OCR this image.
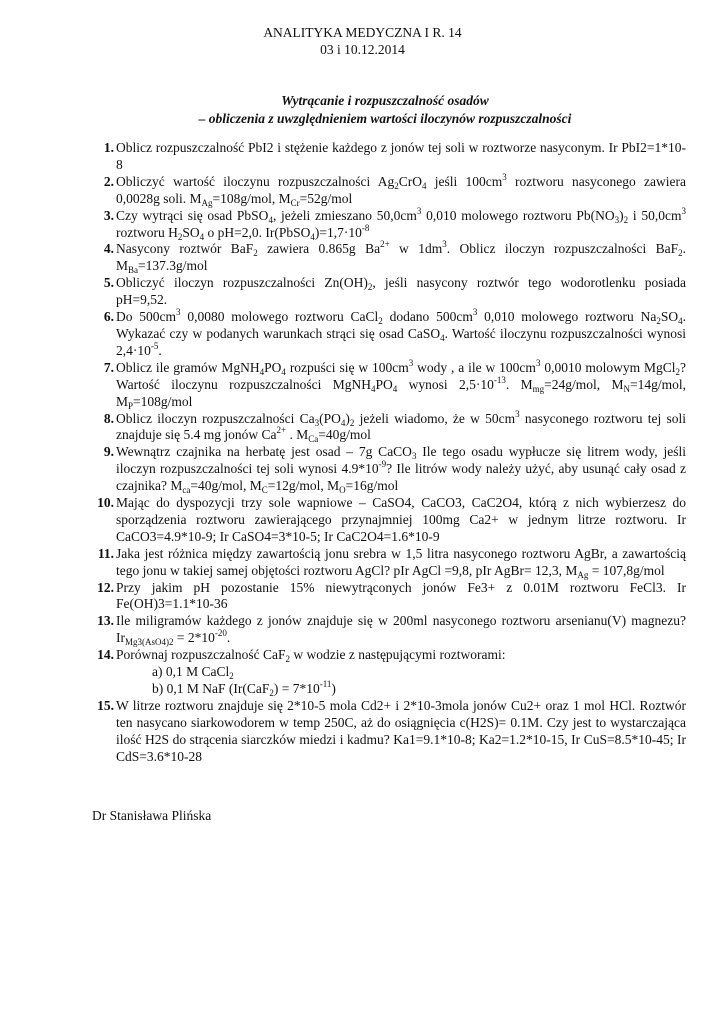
ANALITYKA MEDYCZNA I R. 14
03 i 10.12.2014
Wytrącanie i rozpuszczalność osadów
– obliczenia z uwzględnieniem wartości iloczynów rozpuszczalności
1. Oblicz rozpuszczalność PbI2 i stężenie każdego z jonów tej soli w roztworze nasyconym. Ir PbI2=1*10-8
2. Obliczyć wartość iloczynu rozpuszczalności $Ag_2CrO_4$ jeśli $100cm^3$ roztworu nasyconego zawiera 0,0028g soli. $M_{Ag}=108g$/mol, $M_{Cr}=52g$/mol
3. Czy wytrąci się osad PbSO$_4$, jeżeli zmieszano $50,0cm^3$ 0,010 molowego roztworu $Pb(NO_3)_2$ i $50,0cm^3$ roztworu $H_2SO_4$ o pH=2,0. $Ir(PbSO_4)=1,7\cdot 10^{-8}$
4. Nasycony roztwór BaF$_2$ zawiera 0.865g $Ba^{2+}$ w $1dm^3$. Oblicz iloczyn rozpuszczalności BaF$_2$. $M_{Ba}=137.3g$/mol
5. Obliczyć iloczyn rozpuszczalności $Zn(OH)_2$, jeśli nasycony roztwór tego wodorotlenku posiada pH=9,52.
6. Do $500cm^3$ 0,0080 molowego roztworu CaCl$_2$ dodano $500cm^3$ 0,010 molowego roztworu $Na_2SO_4$. Wykazać czy w podanych warunkach strąci się osad CaSO$_4$. Wartość iloczynu rozpuszczalności wynosi $2,4\cdot 10^{-5}$.
7. Oblicz ile gramów $MgNH_4PO_4$ rozpuści się w $100cm^3$ wody , a ile w $100cm^3$ 0,0010 molowym MgCl$_2$? Wartość iloczynu rozpuszczalności $MgNH_4PO_4$ wynosi $2,5\cdot 10^{-13}$. $M_{mg}=24g$/mol, $M_N=14g$/mol, $M_P=108g$/mol
8. Oblicz iloczyn rozpuszczalności $Ca_3(PO_4)_2$ jeżeli wiadomo, że w $50cm^3$ nasyconego roztworu tej soli znajduje się 5.4 mg jonów $Ca^{2+}$ . $M_{Ca}=40g$/mol
9. Wewnątrz czajnika na herbatę jest osad – 7g CaCO$_3$ Ile tego osadu wypłucze się litrem wody, jeśli iloczyn rozpuszczalności tej soli wynosi $4.9*10^{-9}$? Ile litrów wody należy użyć, aby usunąć cały osad z czajnika? $M_{ca}=40g$/mol, $M_C=12g$/mol, $M_O=16g$/mol
10. Mając do dyspozycji trzy sole wapniowe – CaSO4, CaCO3, CaC2O4, którą z nich wybierzesz do sporządzenia roztworu zawierającego przynajmniej 100mg Ca2+ w jednym litrze roztworu. Ir CaCO3=4.9*10-9; Ir CaSO4=3*10-5; Ir CaC2O4=1.6*10-9
11. Jaka jest różnica między zawartością jonu srebra w 1,5 litra nasyconego roztworu AgBr, a zawartością tego jonu w takiej samej objętości roztworu AgCl? pIr AgCl =9,8, pIr AgBr= 12,3, $M_{Ag} = 107,8g/mol$
12. Przy jakim pH pozostanie 15% niewytrąconych jonów Fe3+ z 0.01M roztworu FeCl3. Ir Fe(OH)3=1.1*10-36
13. Ile miligramów każdego z jonów znajduje się w 200ml nasyconego roztworu arsenianu(V) magnezu? $Ir_{Mg3(AsO4)2} = 2*10^{-20}$.
14. Porównaj rozpuszczalność CaF$_2$ w wodzie z następującymi roztworami:
a) 0,1 M CaCl$_2$
b) 0,1 M NaF $(Ir(CaF_2) = 7*10^{-11})$
15. W litrze roztworu znajduje się 2*10-5 mola Cd2+ i 2*10-3mola jonów Cu2+ oraz 1 mol HCl. Roztwór ten nasycano siarkowodorem w temp 250C, aż do osiągnięcia c(H2S)= 0.1M. Czy jest to wystarczająca ilość H2S do strącenia siarczków miedzi i kadmu? Ka1=9.1*10-8; Ka2=1.2*10-15, Ir CuS=8.5*10-45; Ir CdS=3.6*10-28
Dr Stanisława Plińska
